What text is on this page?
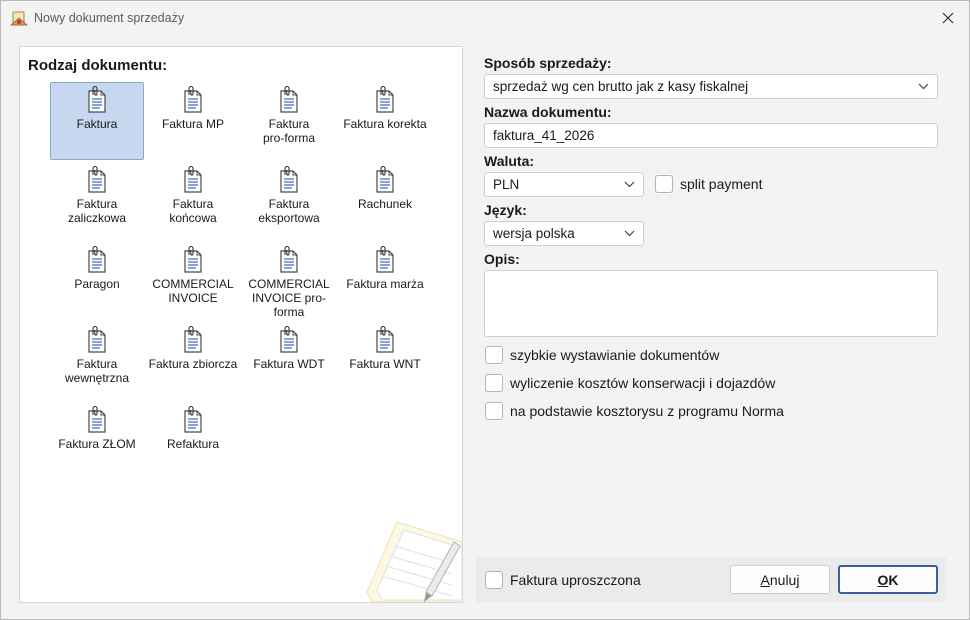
Nowy dokument sprzedaży
Rodzaj dokumentu:
Faktura	Faktura MP	Faktura
pro-forma
Faktura korekta
Faktura
zaliczkowa
Faktura
końcowa
Faktura
eksportowa
Rachunek
Paragon	COMMERCIAL
INVOICE
COMMERCIAL
INVOICE pro-
forma
Faktura marża
Faktura
wewnętrzna
Faktura zbiorcza	Faktura WDT	Faktura WNT
Faktura ZŁOM	Refaktura
Sposób sprzedaży:
sprzedaż wg cen brutto jak z kasy fiskalnej
Nazwa dokumentu:
faktura_41_2026
Waluta:
PLN	split payment
Język:
wersja polska
Opis:
szybkie wystawianie dokumentów
wyliczenie kosztów konserwacji i dojazdów
na podstawie kosztorysu z programu Norma
Faktura uproszczona	A nuluj	O K
